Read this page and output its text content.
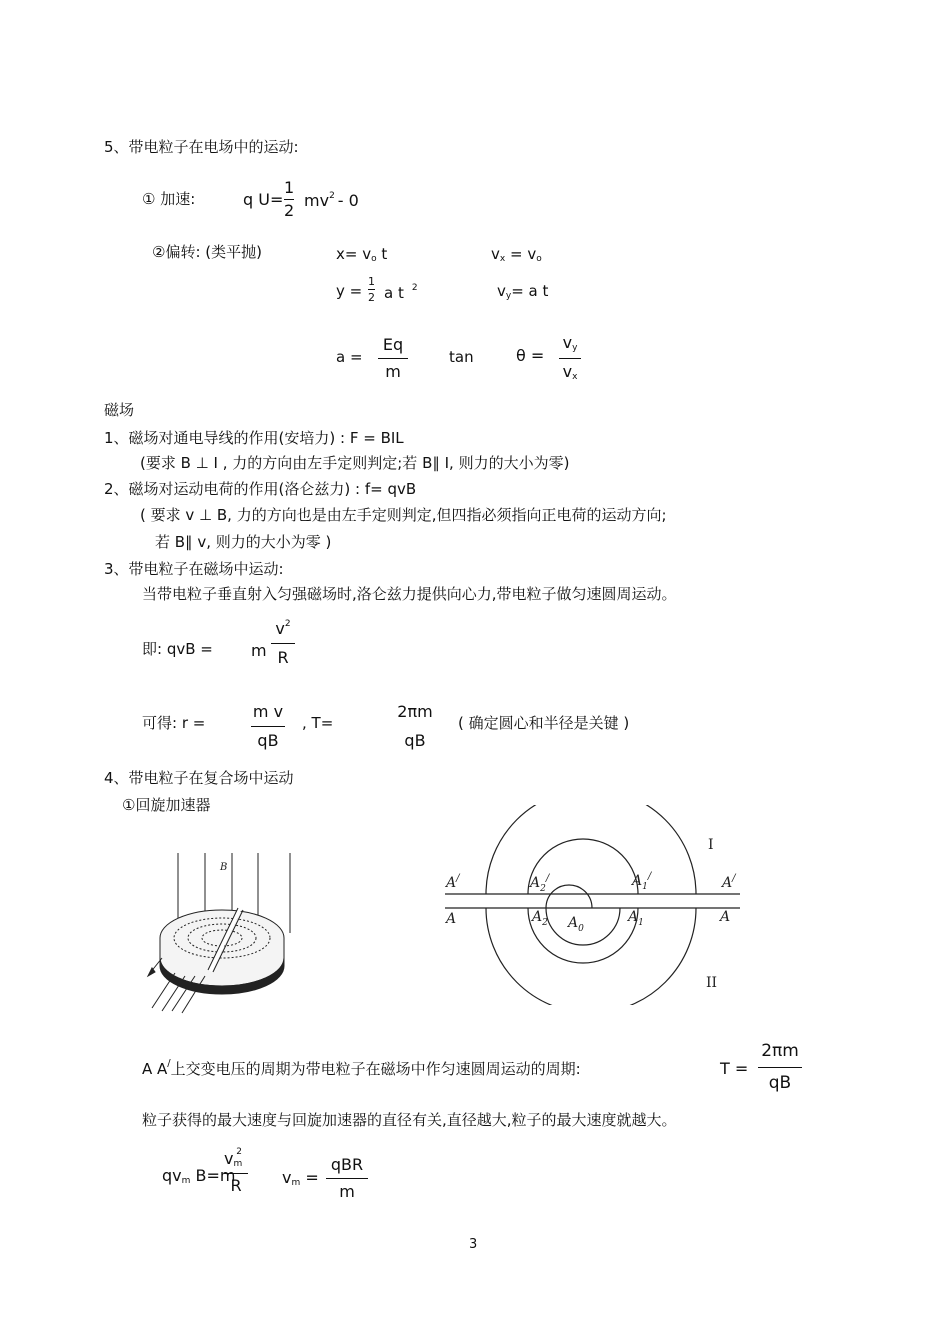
5、带电粒子在电场中的运动:
① 加速:	q U=
1
2
$mv^2 - 0$
②偏转: (类平抛)	$x= v_o$ t	$v_x = v_o$
y =
1
2 a t $^2$	$v_y= a$ t
a =
Eq
m
tan	θ =
$v_y$
$v_x$
磁场
1、磁场对通电导线的作用(安培力) : F = BIL
(要求 B ⊥ I , 力的方向由左手定则判定;若 B∥ I, 则力的大小为零)
2、磁场对运动电荷的作用(洛仑兹力) : f= qvB
( 要求 v ⊥ B, 力的方向也是由左手定则判定,但四指必须指向正电荷的运动方向;
若 B∥ v, 则力的大小为零 )
3、带电粒子在磁场中运动:
当带电粒子垂直射入匀强磁场时,洛仑兹力提供向心力,带电粒子做匀速圆周运动。
即: qvB = m
$v^2$
R
可得: r =
m v
qB
, T=
2πm
qB
( 确定圆心和半径是关键 )
4、带电粒子在复合场中运动
①回旋加速器
B
A/	$A_2^/$	$A_1^/$	A/
A	$A_2$ $A_0$
$A_1$	A
I
II
A A/上交变电压的周期为带电粒子在磁场中作匀速圆周运动的周期:	T =
2πm
qB
粒子获得的最大速度与回旋加速器的直径有关,直径越大,粒子的最大速度就越大。
$qv_m$ B=m
$v_m^2$
R	$v_m$ =
qBR
m
3
